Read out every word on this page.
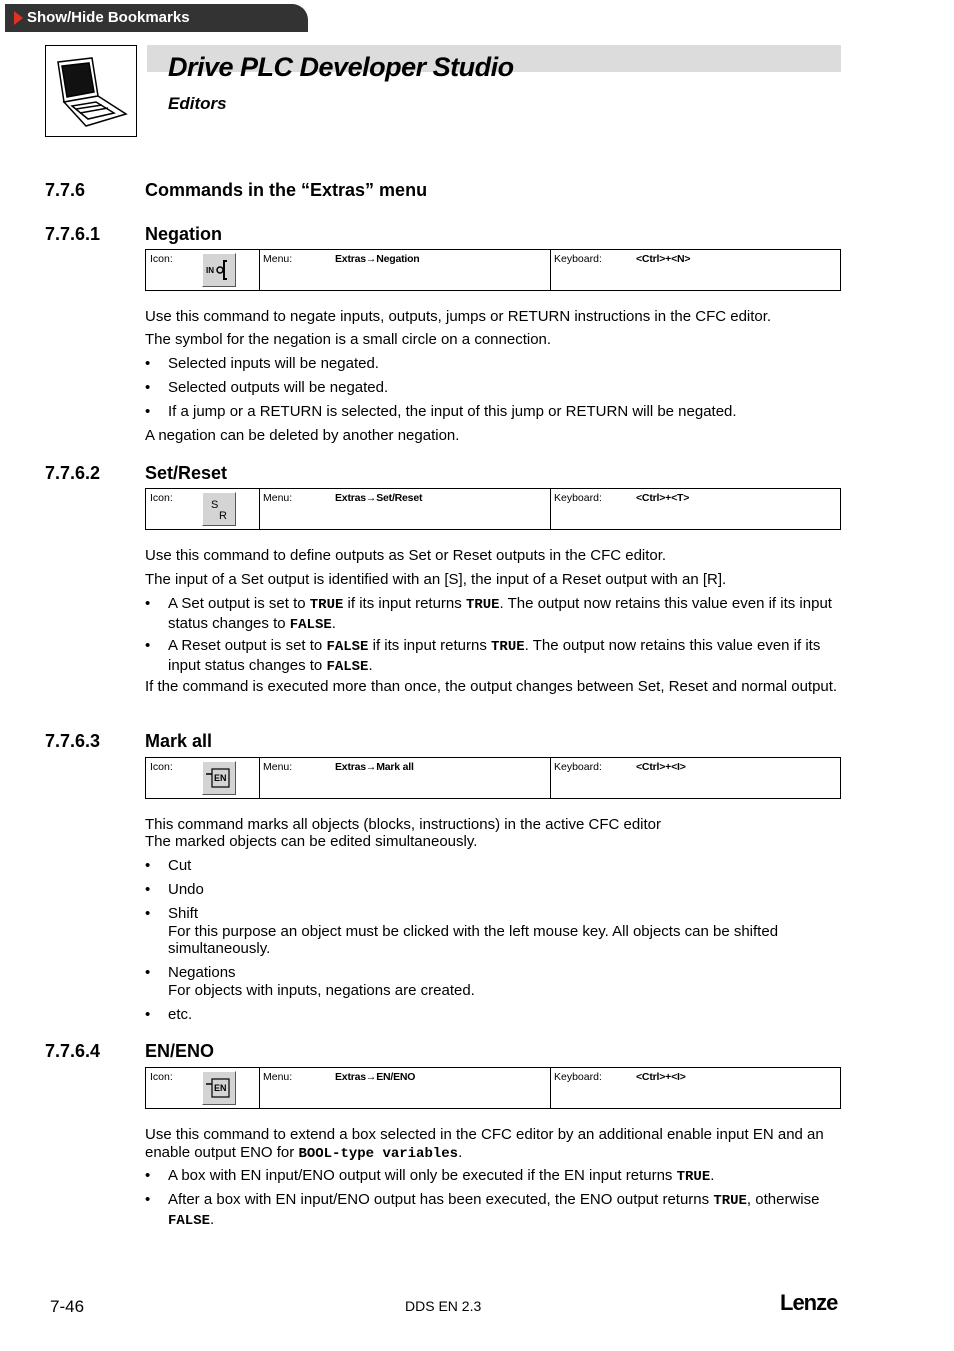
Show/Hide Bookmarks
Drive PLC Developer Studio
Editors
7.7.6	Commands in the “Extras” menu
7.7.6.1 Negation
Icon:
IN
Menu:	Extras→Negation	Keyboard:	<Ctrl>+<N>
Use this command to negate inputs, outputs, jumps or RETURN instructions in the CFC editor.
The symbol for the negation is a small circle on a connection.
• Selected inputs will be negated.
• Selected outputs will be negated.
• If a jump or a RETURN is selected, the input of this jump or RETURN will be negated.
A negation can be deleted by another negation.
7.7.6.2 Set/Reset
Icon:
S
R
Menu:	Extras→Set/Reset	Keyboard:	<Ctrl>+<T>
Use this command to define outputs as Set or Reset outputs in the CFC editor.
The input of a Set output is identified with an [S], the input of a Reset output with an [R].
• A Set output is set to TRUE if its input returns TRUE. The output now retains this value even if its input status changes to FALSE.
• A Reset output is set to FALSE if its input returns TRUE. The output now retains this value even if its input status changes to FALSE.
If the command is executed more than once, the output changes between Set, Reset and normal output.
7.7.6.3 Mark all
Icon:
EN
Menu:	Extras→Mark all	Keyboard:	<Ctrl>+<I>
This command marks all objects (blocks, instructions) in the active CFC editor
The marked objects can be edited simultaneously.
• Cut
• Undo
• Shift
For this purpose an object must be clicked with the left mouse key. All objects can be shifted simultaneously.
• Negations
For objects with inputs, negations are created.
• etc.
7.7.6.4 EN/ENO
Icon:
EN
Menu:	Extras→EN/ENO	Keyboard:	<Ctrl>+<I>
Use this command to extend a box selected in the CFC editor by an additional enable input EN and an enable output ENO for BOOL-type variables.
• A box with EN input/ENO output will only be executed if the EN input returns TRUE.
• After a box with EN input/ENO output has been executed, the ENO output returns TRUE, otherwise FALSE.
7-46	DDS EN 2.3	Lenze
